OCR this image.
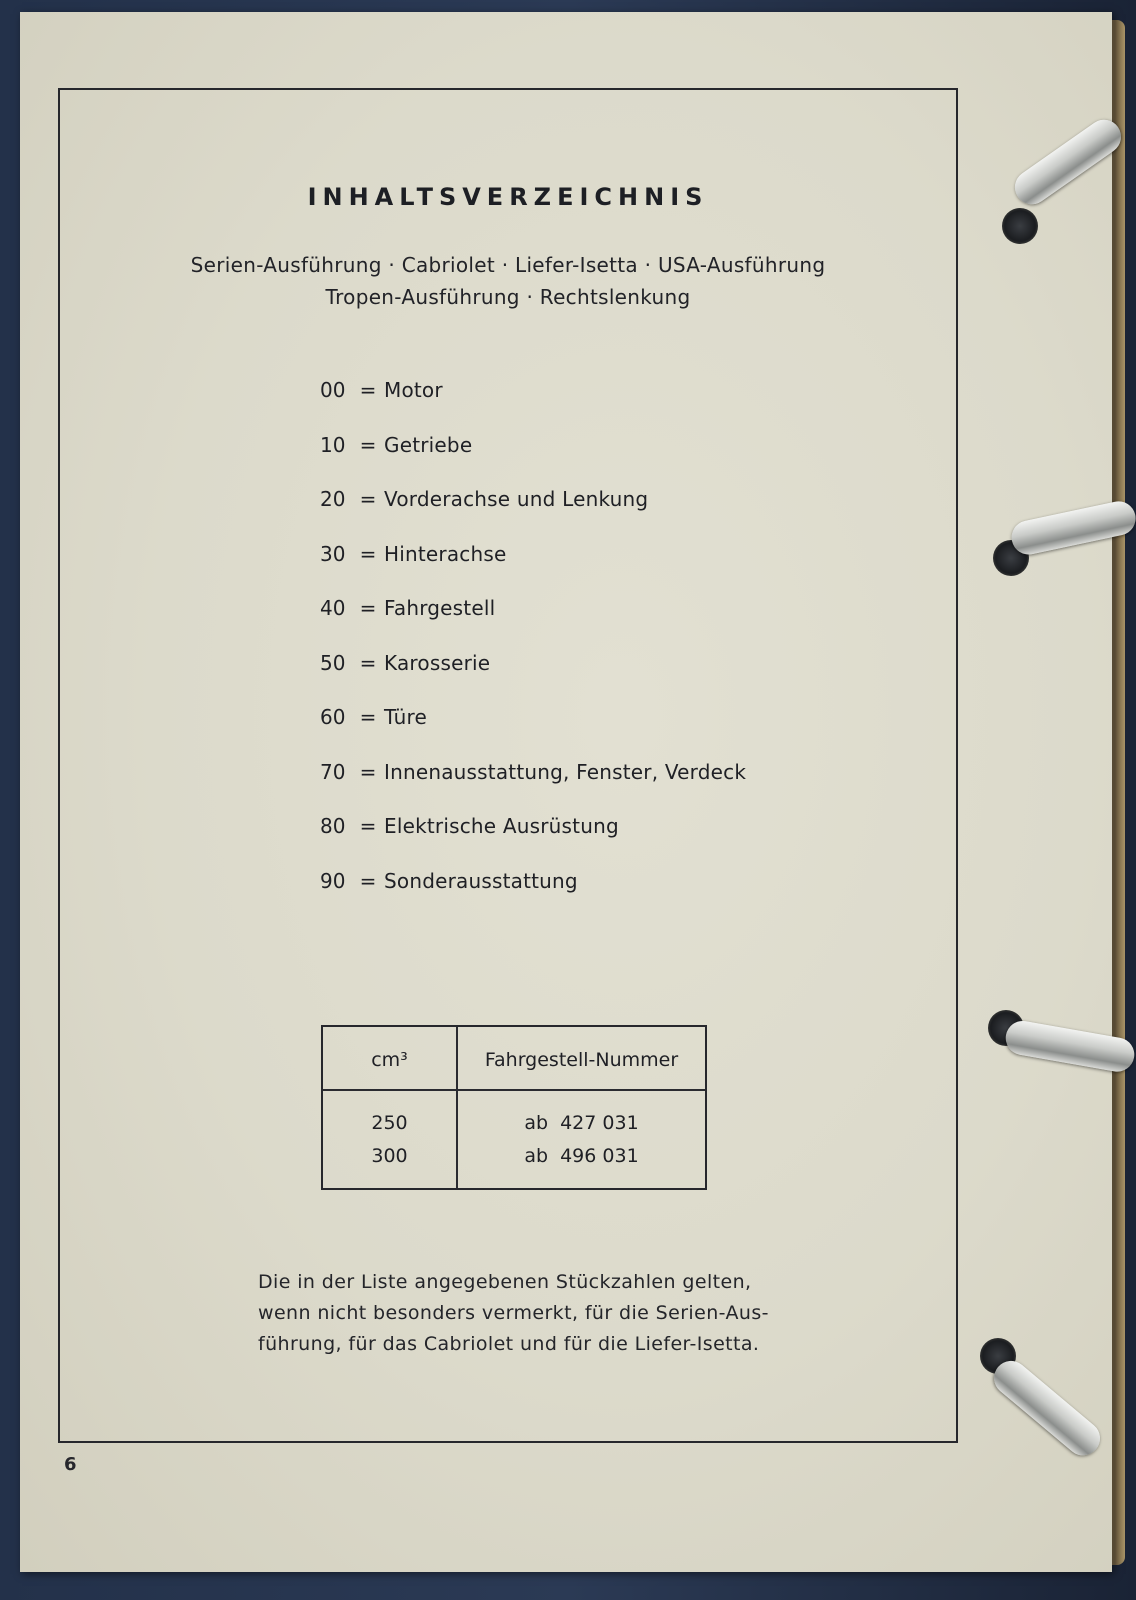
INHALTSVERZEICHNIS
Serien-Ausführung · Cabriolet · Liefer-Isetta · USA-Ausführung
Tropen-Ausführung · Rechtslenkung
00 = Motor
10 = Getriebe
20 = Vorderachse und Lenkung
30 = Hinterachse
40 = Fahrgestell
50 = Karosserie
60 = Türe
70 = Innenausstattung, Fenster, Verdeck
80 = Elektrische Ausrüstung
90 = Sonderausstattung
cm³	Fahrgestell-Nummer
250	ab  427 031
300	ab  496 031
Die in der Liste angegebenen Stückzahlen gelten,
wenn nicht besonders vermerkt, für die Serien-Aus-
führung, für das Cabriolet und für die Liefer-Isetta.
6
